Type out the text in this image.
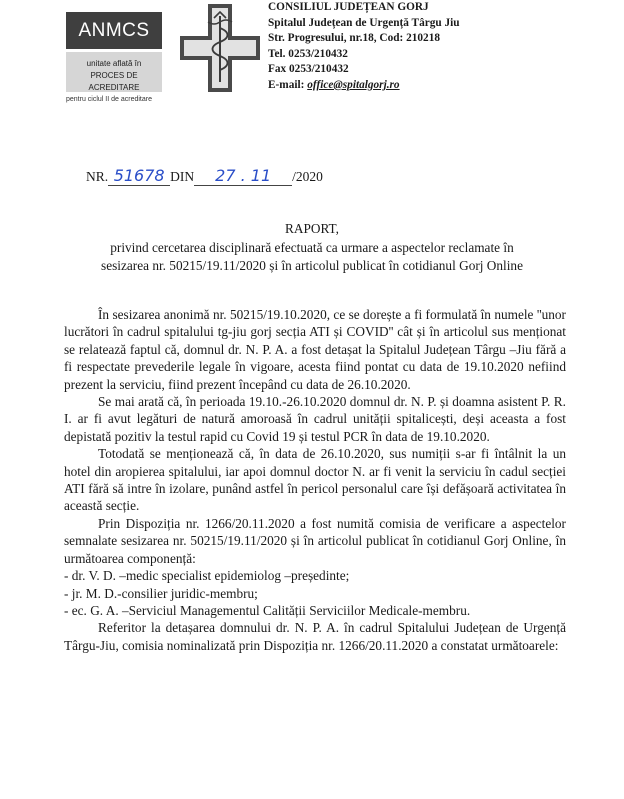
ANMCS
unitate aflată în
PROCES DE ACREDITARE
pentru ciclul II de acreditare
CONSILIUL JUDEȚEAN GORJ
Spitalul Județean de Urgență Târgu Jiu
Str. Progresului, nr.18, Cod: 210218
Tel. 0253/210432
Fax 0253/210432
E-mail: office@spitalgorj.ro
NR. 51678 DIN 27 . 11 /2020
RAPORT,
privind cercetarea disciplinară efectuată ca urmare a aspectelor reclamate în
sesizarea nr. 50215/19.11/2020 și în articolul publicat în cotidianul Gorj Online

În sesizarea anonimă nr. 50215/19.10.2020, ce se dorește a fi formulată în numele ''unor lucrători în cadrul spitalului tg-jiu gorj secția ATI și COVID'' cât și în articolul sus menționat se relatează faptul că, domnul dr. N. P. A. a fost detașat la Spitalul Județean Târgu –Jiu fără a fi respectate prevederile legale în vigoare, acesta fiind pontat cu data de 19.10.2020 nefiind prezent la serviciu, fiind prezent începând cu data de 26.10.2020.

Se mai arată că, în perioada 19.10.-26.10.2020 domnul dr. N. P. și doamna asistent P. R. I. ar fi avut legături de natură amoroasă în cadrul unității spitalicești, deși aceasta a fost depistată pozitiv la testul rapid cu Covid 19 și testul PCR în data de 19.10.2020.

Totodată se menționează că, în data de 26.10.2020, sus numiții s-ar fi întâlnit la un hotel din aropierea spitalului, iar apoi domnul doctor N. ar fi venit la serviciu în cadul secției ATI fără să intre în izolare, punând astfel în pericol personalul care își defășoară activitatea în această secție.

Prin Dispoziția nr. 1266/20.11.2020 a fost numită comisia de verificare a aspectelor semnalate sesizarea nr. 50215/19.11/2020 și în articolul publicat în cotidianul Gorj Online, în următoarea componență:

- dr. V. D. –medic specialist epidemiolog –președinte;

- jr. M. D.-consilier juridic-membru;

- ec. G. A. –Serviciul Managementul Calității Serviciilor Medicale-membru.

Referitor la detașarea domnului dr. N. P. A. în cadrul Spitalului Județean de Urgență Târgu-Jiu, comisia nominalizată prin Dispoziția nr. 1266/20.11.2020 a constatat următoarele:
